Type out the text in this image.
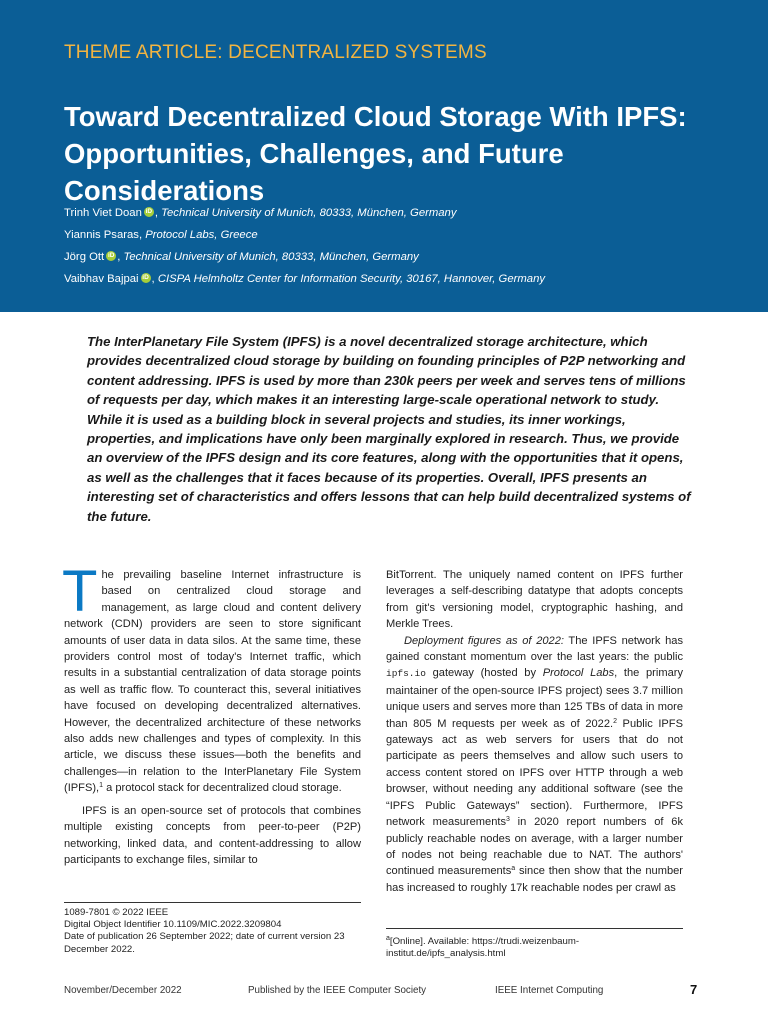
THEME ARTICLE: DECENTRALIZED SYSTEMS
Toward Decentralized Cloud Storage With IPFS: Opportunities, Challenges, and Future Considerations
Trinh Viet Doan iD , Technical University of Munich, 80333, München, Germany
Yiannis Psaras, Protocol Labs, Greece
Jörg Ott iD , Technical University of Munich, 80333, München, Germany
Vaibhav Bajpai iD , CISPA Helmholtz Center for Information Security, 30167, Hannover, Germany
The InterPlanetary File System (IPFS) is a novel decentralized storage architecture, which provides decentralized cloud storage by building on founding principles of P2P networking and content addressing. IPFS is used by more than 230k peers per week and serves tens of millions of requests per day, which makes it an interesting large-scale operational network to study. While it is used as a building block in several projects and studies, its inner workings, properties, and implications have only been marginally explored in research. Thus, we provide an overview of the IPFS design and its core features, along with the opportunities that it opens, as well as the challenges that it faces because of its properties. Overall, IPFS presents an interesting set of characteristics and offers lessons that can help build decentralized systems of the future.

The prevailing baseline Internet infrastructure is based on centralized cloud storage and management, as large cloud and content delivery network (CDN) providers are seen to store significant amounts of user data in data silos. At the same time, these providers control most of today's Internet traffic, which results in a substantial centralization of data storage points as well as traffic flow. To counteract this, several initiatives have focused on developing decentralized alternatives. However, the decentralized architecture of these networks also adds new challenges and types of complexity. In this article, we discuss these issues—both the benefits and challenges—in relation to the InterPlanetary File System (IPFS),$^1$ a protocol stack for decentralized cloud storage.

IPFS is an open-source set of protocols that combines multiple existing concepts from peer-to-peer (P2P) networking, linked data, and content-addressing to allow participants to exchange files, similar to

BitTorrent. The uniquely named content on IPFS further leverages a self-describing datatype that adopts concepts from git's versioning model, cryptographic hashing, and Merkle Trees.

Deployment figures as of 2022: The IPFS network has gained constant momentum over the last years: the public ipfs.io gateway (hosted by Protocol Labs, the primary maintainer of the open-source IPFS project) sees 3.7 million unique users and serves more than 125 TBs of data in more than 805 M requests per week as of 2022.$^2$ Public IPFS gateways act as web servers for users that do not participate as peers themselves and allow such users to access content stored on IPFS over HTTP through a web browser, without needing any additional software (see the “IPFS Public Gateways” section). Furthermore, IPFS network measurements$^3$ in 2020 report numbers of 6k publicly reachable nodes on average, with a larger number of nodes not being reachable due to NAT. The authors' continued measurements$^a$ since then show that the number has increased to roughly 17k reachable nodes per crawl as

1089-7801 © 2022 IEEE
Digital Object Identifier 10.1109/MIC.2022.3209804
Date of publication 26 September 2022; date of current version 23 December 2022.
$^a$[Online]. Available: https://trudi.weizenbaum-institut.de/ipfs_analysis.html
November/December 2022	Published by the IEEE Computer Society	IEEE Internet Computing	7
